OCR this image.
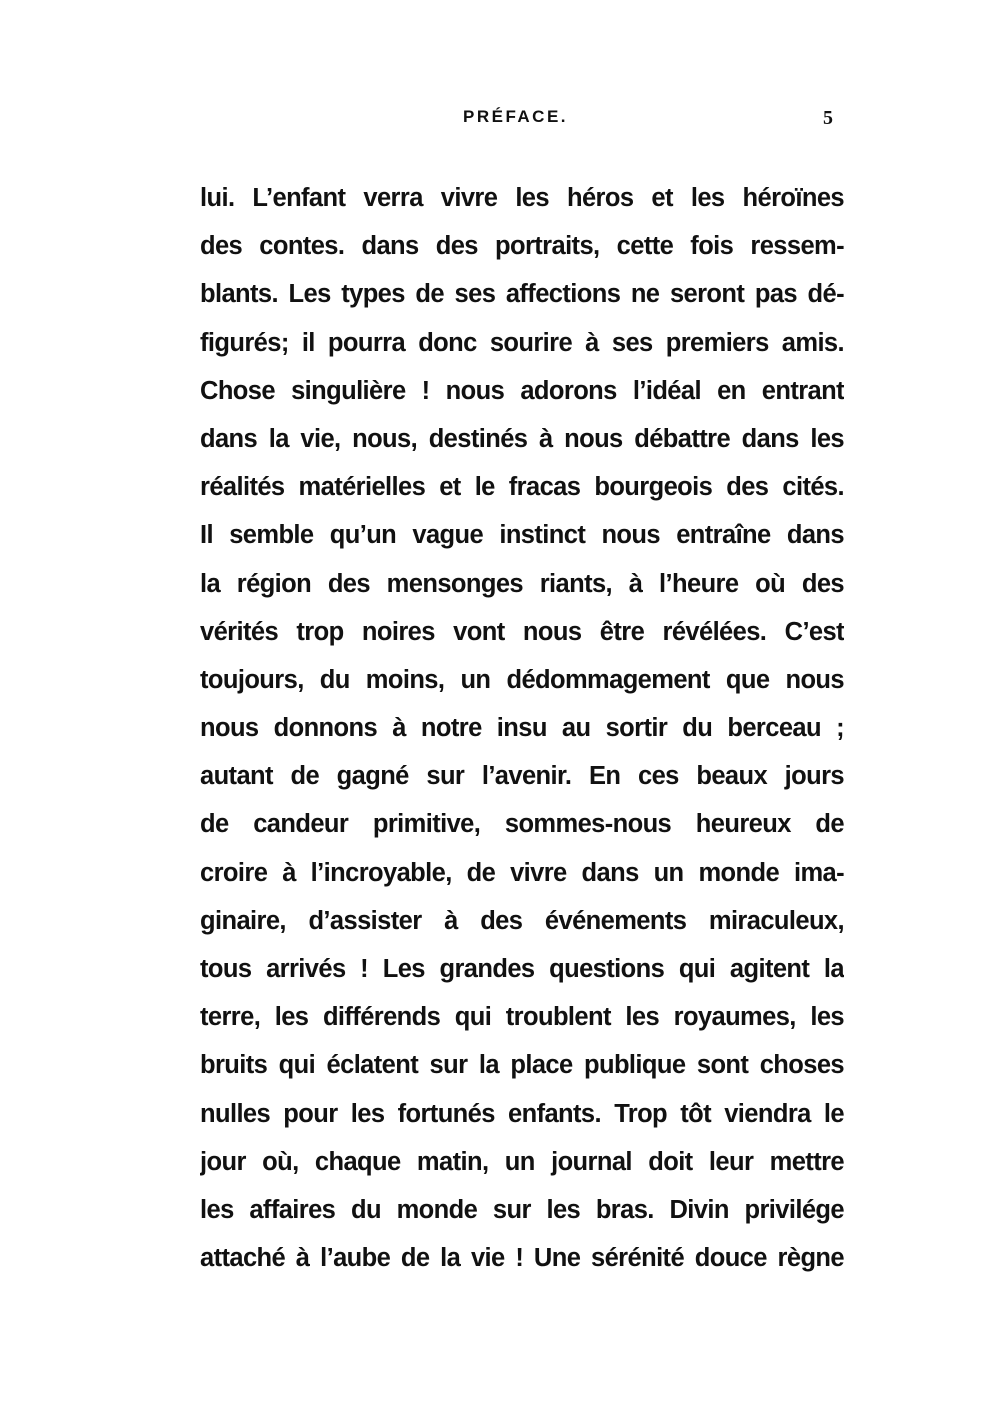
PRÉFACE.	5
lui. L’enfant verra vivre les héros et les héroïnes
des contes. dans des portraits, cette fois ressem-
blants. Les types de ses affections ne seront pas dé-
figurés; il pourra donc sourire à ses premiers amis.
Chose singulière ! nous adorons l’idéal en entrant
dans la vie, nous, destinés à nous débattre dans les
réalités matérielles et le fracas bourgeois des cités.
Il semble qu’un vague instinct nous entraîne dans
la région des mensonges riants, à l’heure où des
vérités trop noires vont nous être révélées. C’est
toujours, du moins, un dédommagement que nous
nous donnons à notre insu au sortir du berceau ;
autant de gagné sur l’avenir. En ces beaux jours
de candeur primitive, sommes-nous heureux de
croire à l’incroyable, de vivre dans un monde ima-
ginaire, d’assister à des événements miraculeux,
tous arrivés ! Les grandes questions qui agitent la
terre, les différends qui troublent les royaumes, les
bruits qui éclatent sur la place publique sont choses
nulles pour les fortunés enfants. Trop tôt viendra le
jour où, chaque matin, un journal doit leur mettre
les affaires du monde sur les bras. Divin privilége
attaché à l’aube de la vie ! Une sérénité douce règne
